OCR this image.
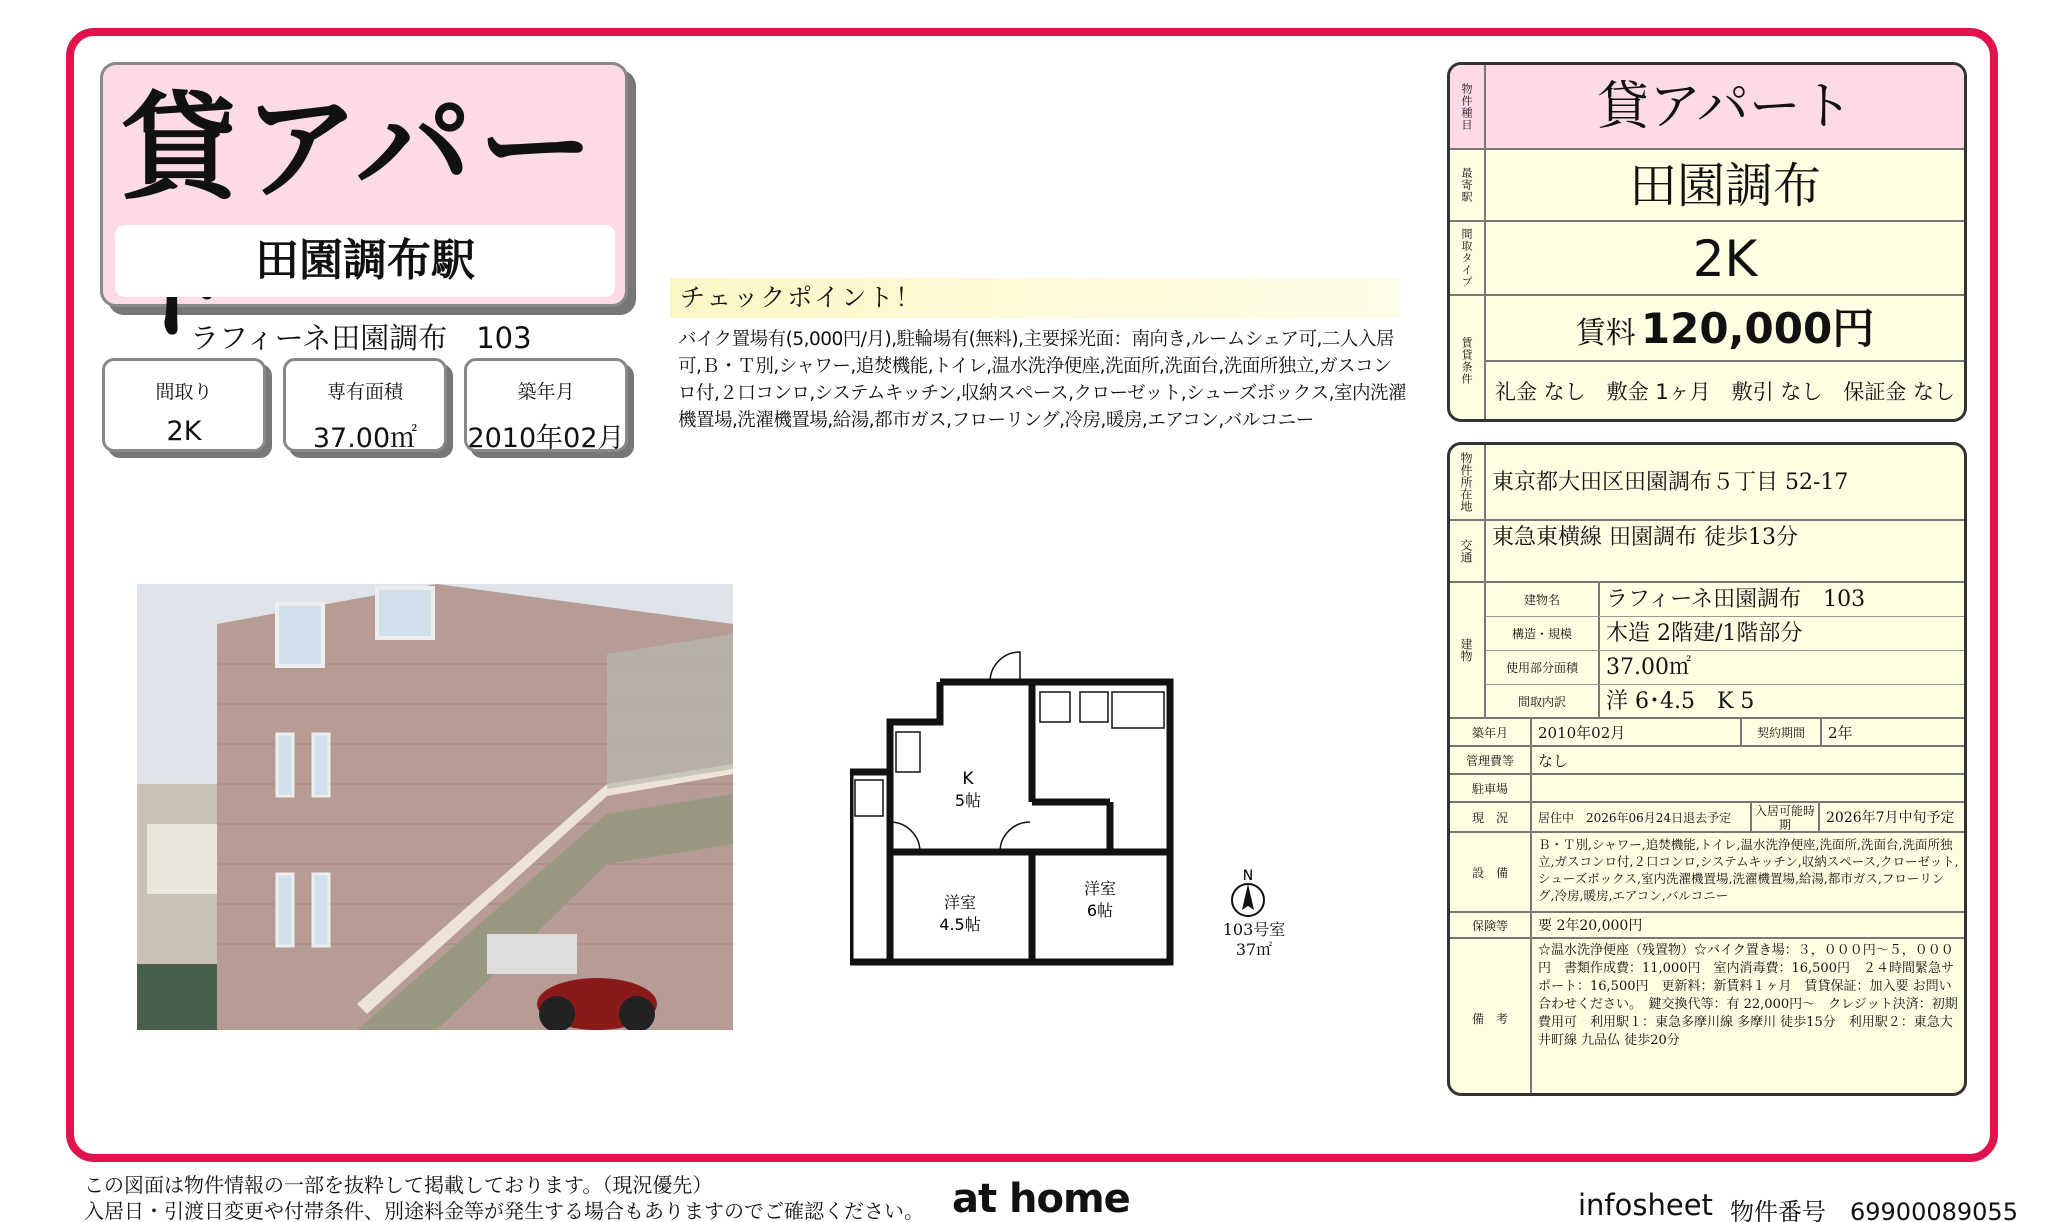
貸アパー
田園調布駅
ラフィーネ田園調布　103
間取り
2K
専有面積
37.00㎡
築年月
2010年02月
チェックポイント！
バイク置場有(5,000円/月),駐輪場有(無料),主要採光面：南向き,ルームシェア可,二人入居可,Ｂ・Ｔ別,シャワー,追焚機能,トイレ,温水洗浄便座,洗面所,洗面台,洗面所独立,ガスコンロ付,２口コンロ,システムキッチン,収納スペース,クローゼット,シューズボックス,室内洗濯機置場,洗濯機置場,給湯,都市ガス,フローリング,冷房,暖房,エアコン,バルコニー
K
5帖
洋室
4.5帖
洋室
6帖
N
103号室
37㎡
物件種目	貸アパート
最寄駅	田園調布
間取タイプ	2K
賃貸条件
賃料 120,000円
礼金 なし　敷金 1ヶ月　敷引 なし　保証金 なし
物件所在地 東京都大田区田園調布５丁目 52-17
交通
東急東横線 田園調布 徒歩13分
建物
建物名	ラフィーネ田園調布　103
構造・規模	木造 2階建/1階部分
使用部分面積	37.00㎡
間取内訳	洋 6･4.5　K 5
築年月	2010年02月	契約期間	2年
管理費等	なし
駐車場
現　況	居住中　2026年06月24日退去予定	入居可能時期	2026年7月中旬予定
設　備
Ｂ・Ｔ別,シャワー,追焚機能,トイレ,温水洗浄便座,洗面所,洗面台,洗面所独立,ガスコンロ付,２口コンロ,システムキッチン,収納スペース,クローゼット,シューズボックス,室内洗濯機置場,洗濯機置場,給湯,都市ガス,フローリング,冷房,暖房,エアコン,バルコニー
保険等	要 2年20,000円
備　考
☆温水洗浄便座（残置物）☆バイク置き場：３，０００円～５，０００円　書類作成費：11,000円　室内消毒費：16,500円　２４時間緊急サポート：16,500円　更新料：新賃料１ヶ月　賃貸保証：加入要 お問い合わせください。　鍵交換代等：有 22,000円～　クレジット決済：初期費用可　利用駅１：東急多摩川線 多摩川 徒歩15分　利用駅２：東急大井町線 九品仏 徒歩20分
この図面は物件情報の一部を抜粋して掲載しております。（現況優先）
入居日・引渡日変更や付帯条件、別途料金等が発生する場合もありますのでご確認ください。 at home	infosheet 物件番号　69900089055
